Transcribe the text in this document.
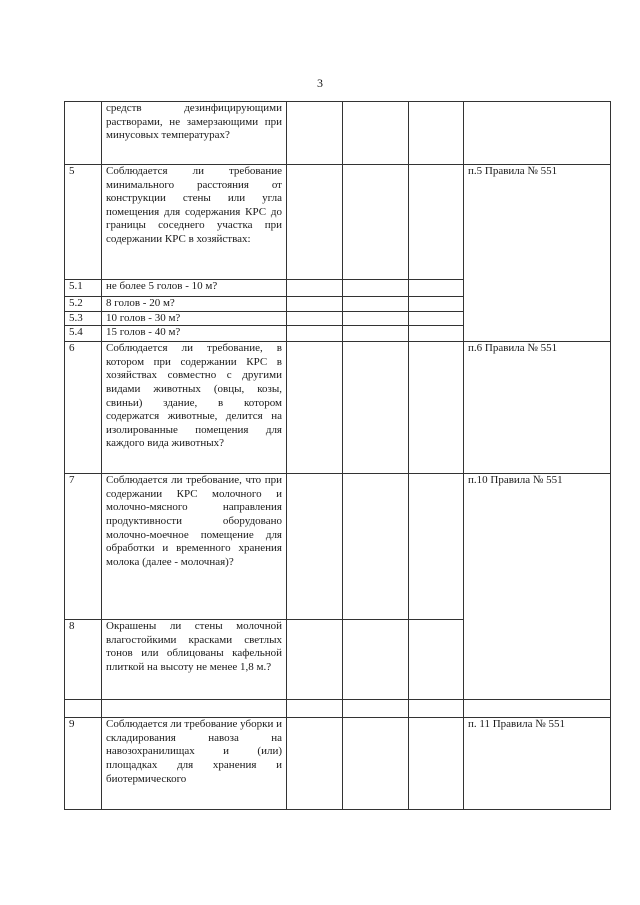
3
	средств дезинфицирующими растворами, не замерзающими при минусовых температурах?				
5	Соблюдается ли требование минимального расстояния от конструкции стены или угла помещения для содержания КРС до границы соседнего участка при содержании КРС в хозяйствах:				п.5 Правила № 551
5.1	не более 5 голов - 10 м?				
5.2	8 голов - 20 м?				
5.3	10 голов - 30 м?				
5.4	15 голов - 40 м?				
6	Соблюдается ли требование, в котором при содержании КРС в хозяйствах совместно с другими видами животных (овцы, козы, свиньи) здание, в котором содержатся животные, делится на изолированные помещения для каждого вида животных?				п.6 Правила № 551
7	Соблюдается ли требование, что при содержании КРС молочного и молочно-мясного направления продуктивности оборудовано молочно-моечное помещение для обработки и временного хранения молока (далее - молочная)?				п.10 Правила № 551
8	Окрашены ли стены молочной влагостойкими красками светлых тонов или облицованы кафельной плиткой на высоту не менее 1,8 м.?				

9	Соблюдается ли требование уборки и складирования навоза на навозохранилищах и (или) площадках для хранения и биотермического				п. 11 Правила № 551
